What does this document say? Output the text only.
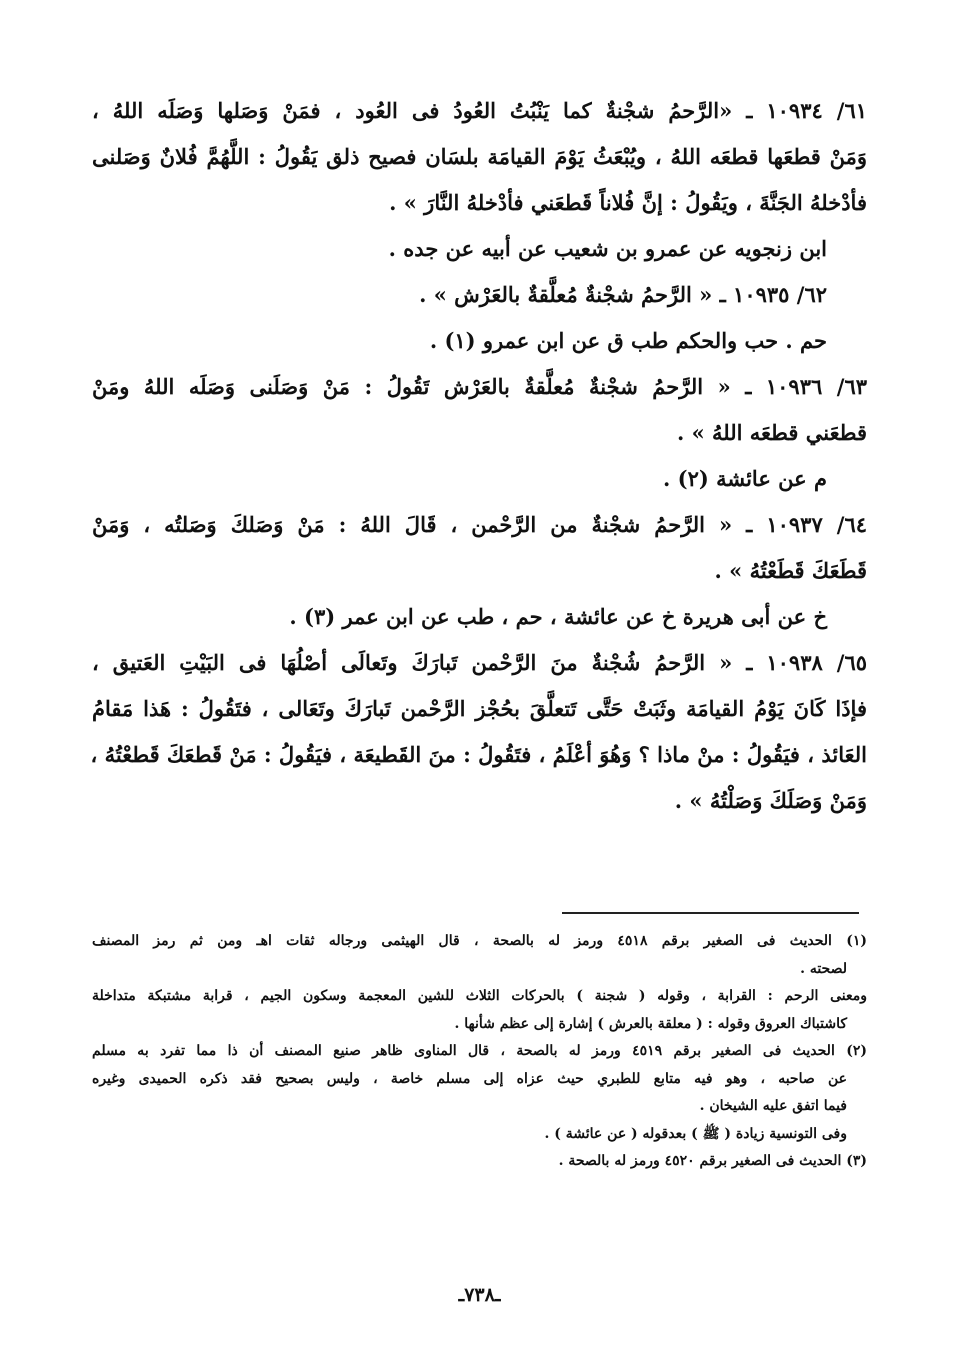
٦١/ ١٠٩٣٤ ـ «الرَّحمُ شجْنةٌ كما يَنْبُتُ العُودُ فى العُود ، فمَنْ وَصَلها وَصَلَه اللهُ ،
وَمَنْ قطعَها قطعَه اللهُ ، ويُبْعَثُ يَوْمَ القيامَة بلسَان فصيح ذلق يَقُولُ : اللَّهُمَّ فُلانٌ وَصَلنى
فأدْخلهُ الجَنَّةَ ، ويَقُولُ : إنَّ فُلاناً قَطعَني فأدْخلهُ النَّارَ » .
ابن زنجويه عن عمرو بن شعيب عن أبيه عن جده .
٦٢/ ١٠٩٣٥ ـ « الرَّحمُ شجْنةٌ مُعلَّقةٌ بالعَرْش » .
حم . حب والحكم طب ق عن ابن عمرو (١) .
٦٣/ ١٠٩٣٦ ـ « الرَّحمُ شجْنةٌ مُعلَّقةٌ بالعَرْش تَقُولُ : مَنْ وَصَلَنى وَصَلَه اللهُ ومَنْ
قطعَني قطعَه اللهُ » .
م عن عائشة (٢) .
٦٤/ ١٠٩٣٧ ـ « الرَّحمُ شجْنةٌ من الرَّحْمن ، قَالَ اللهُ : مَنْ وَصَلكَ وَصَلتُه ، وَمَنْ
قَطَعَكَ قَطَعْتُهُ » .
خ عن أبى هريرة خ عن عائشة ، حم ، طب عن ابن عمر (٣) .
٦٥/ ١٠٩٣٨ ـ « الرَّحمُ شُجْنةٌ منَ الرَّحْمن تَبارَكَ وتَعالَى أصْلُهَا فى البَيْتِ العَتيق ،
فإذَا كَانَ يَوْمُ القيامَة وثَبَتْ حَتَّى تَتعلَّقَ بحُجْز الرَّحْمن تَبارَكَ وتَعَالى ، فتَقُولُ : هَذا مَقامُ
العَائذ ، فيَقُولُ : منْ ماذا ؟ وَهُوَ أعْلَمُ ، فتَقُولُ : منَ القَطيعَة ، فيَقُولُ : مَنْ قَطعَكَ قَطعْتُهُ ،
وَمَنْ وَصَلَكَ وَصَلْتُهُ » .
(١) الحديث فى الصغير برقم ٤٥١٨ ورمز له بالصحة ، قال الهيثمى ورجاله ثقات اهـ ومن ثم رمز المصنف
لصحته .
ومعنى الرحم : القرابة ، وقوله ( شجنة ) بالحركات الثلاث للشين المعجمة وسكون الجيم ، قرابة مشتبكة متداخلة
كاشتباك العروق وقوله : ( معلقة بالعرش ) إشارة إلى عظم شأنها .
(٢) الحديث فى الصغير برقم ٤٥١٩ ورمز له بالصحة ، قال المناوى ظاهر صنيع المصنف أن ذا مما تفرد به مسلم
عن صاحبه ، وهو فيه متابع للطبري حيث عزاه إلى مسلم خاصة ، وليس بصحيح فقد ذكره الحميدى وغيره
فيما اتفق عليه الشيخان .
وفى التونسية زيادة ( ﷺ ) بعدقوله ( عن عائشة ) .
(٣) الحديث فى الصغير برقم ٤٥٢٠ ورمز له بالصحة .
ـ٧٣٨ـ
